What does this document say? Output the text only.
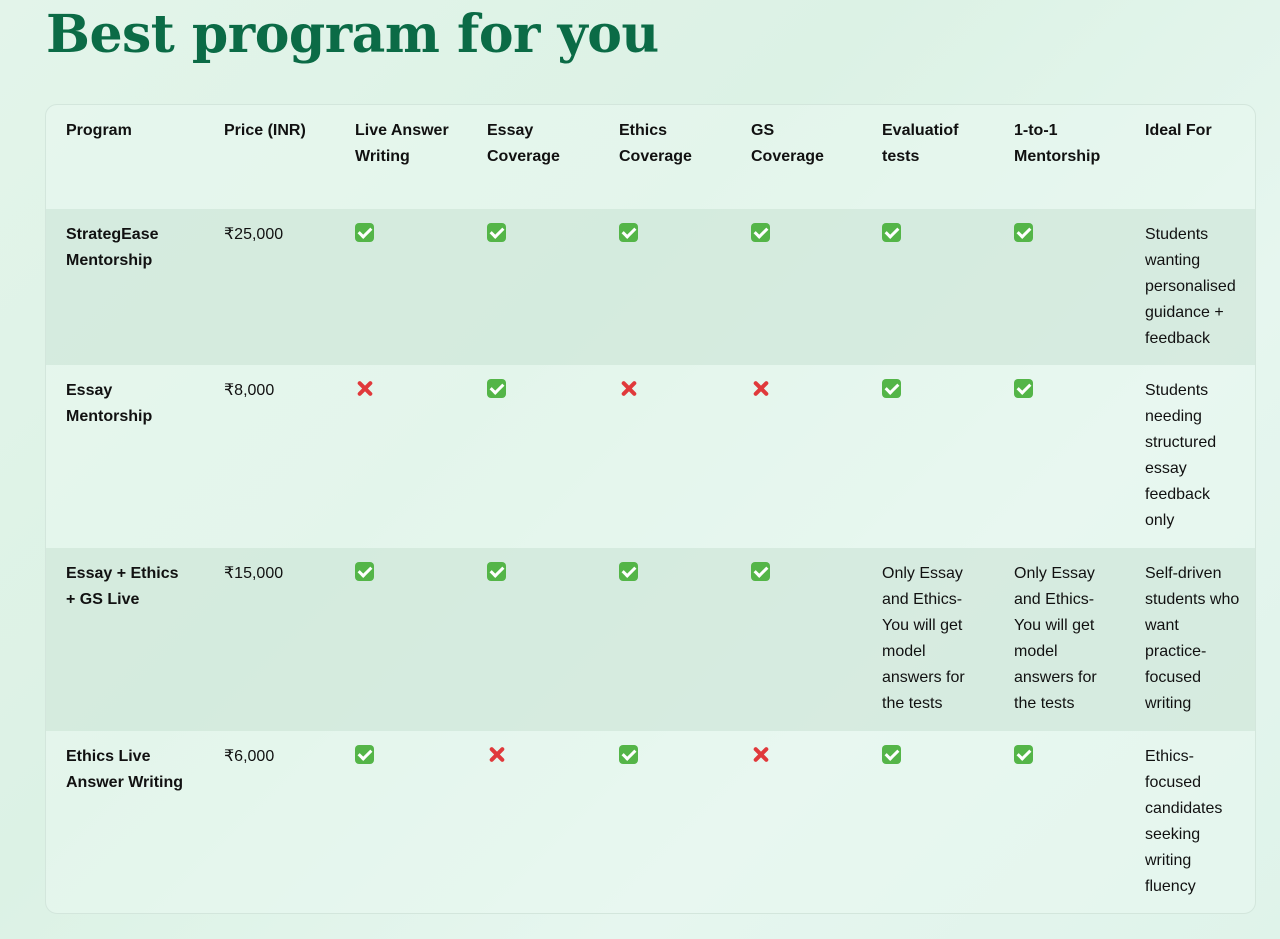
Best program for you
Program	Price (INR)	Live Answer Writing	Essay Coverage	Ethics Coverage	GS Coverage	Evaluatiof tests	1-to-1 Mentorship	Ideal For
StrategEase Mentorship	₹25,000							Students wanting personalised guidance + feedback
Essay Mentorship	₹8,000							Students needing structured essay feedback only
Essay + Ethics + GS Live	₹15,000					Only Essay and Ethics- You will get model answers for the tests	Only Essay and Ethics- You will get model answers for the tests	Self-driven students who want practice-focused writing
Ethics Live Answer Writing	₹6,000							Ethics-focused candidates seeking writing fluency
